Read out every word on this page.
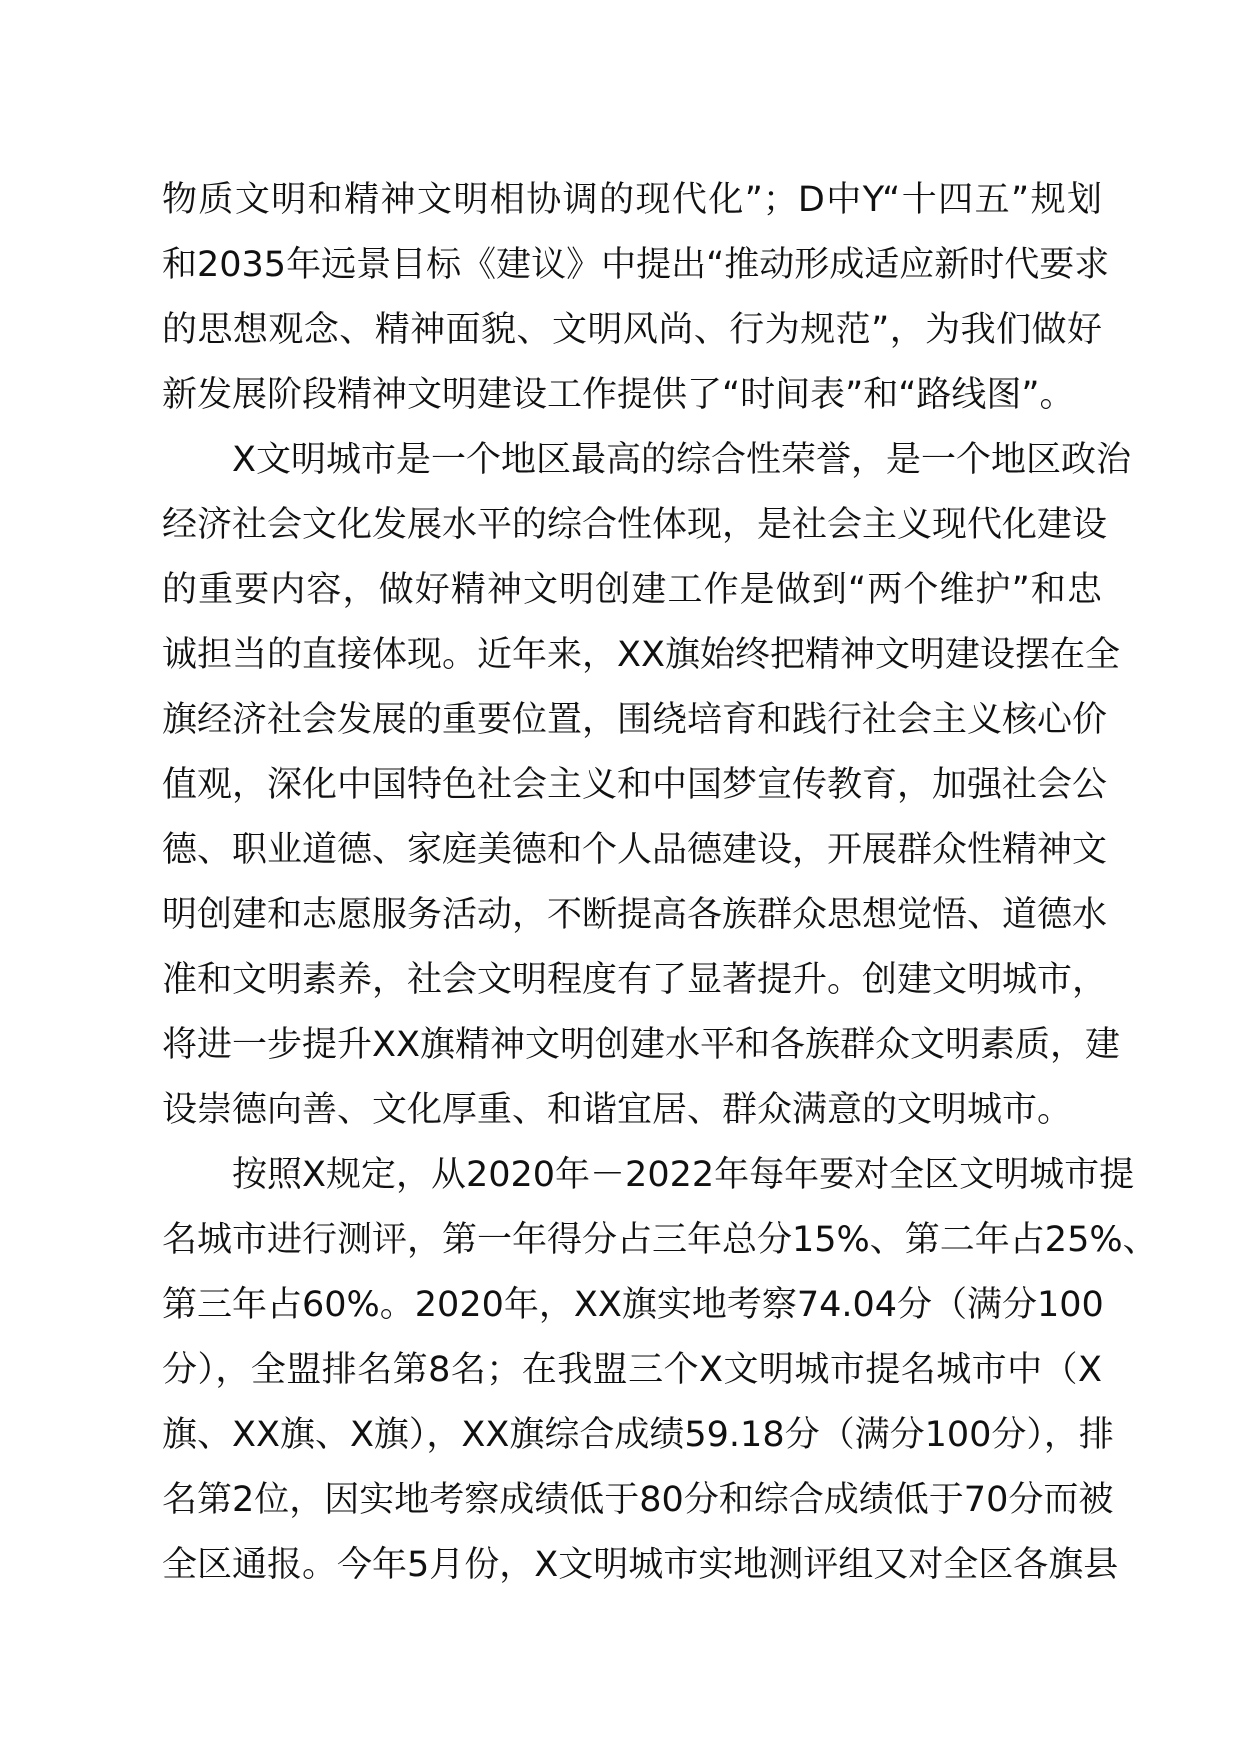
物质文明和精神文明相协调的现代化”；D中Y“十四五”规划
和2035年远景目标《建议》中提出“推动形成适应新时代要求
的思想观念、精神面貌、文明风尚、行为规范”，为我们做好
新发展阶段精神文明建设工作提供了“时间表”和“路线图”。
X文明城市是一个地区最高的综合性荣誉，是一个地区政治
经济社会文化发展水平的综合性体现，是社会主义现代化建设
的重要内容，做好精神文明创建工作是做到“两个维护”和忠
诚担当的直接体现。近年来，XX旗始终把精神文明建设摆在全
旗经济社会发展的重要位置，围绕培育和践行社会主义核心价
值观，深化中国特色社会主义和中国梦宣传教育，加强社会公
德、职业道德、家庭美德和个人品德建设，开展群众性精神文
明创建和志愿服务活动，不断提高各族群众思想觉悟、道德水
准和文明素养，社会文明程度有了显著提升。创建文明城市，
将进一步提升XX旗精神文明创建水平和各族群众文明素质，建
设崇德向善、文化厚重、和谐宜居、群众满意的文明城市。
按照X规定，从2020年－2022年每年要对全区文明城市提
名城市进行测评，第一年得分占三年总分15%、第二年占25%、
第三年占60%。2020年，XX旗实地考察74.04分（满分100
分），全盟排名第8名；在我盟三个X文明城市提名城市中（X
旗、XX旗、X旗），XX旗综合成绩59.18分（满分100分），排
名第2位，因实地考察成绩低于80分和综合成绩低于70分而被
全区通报。今年5月份，X文明城市实地测评组又对全区各旗县
